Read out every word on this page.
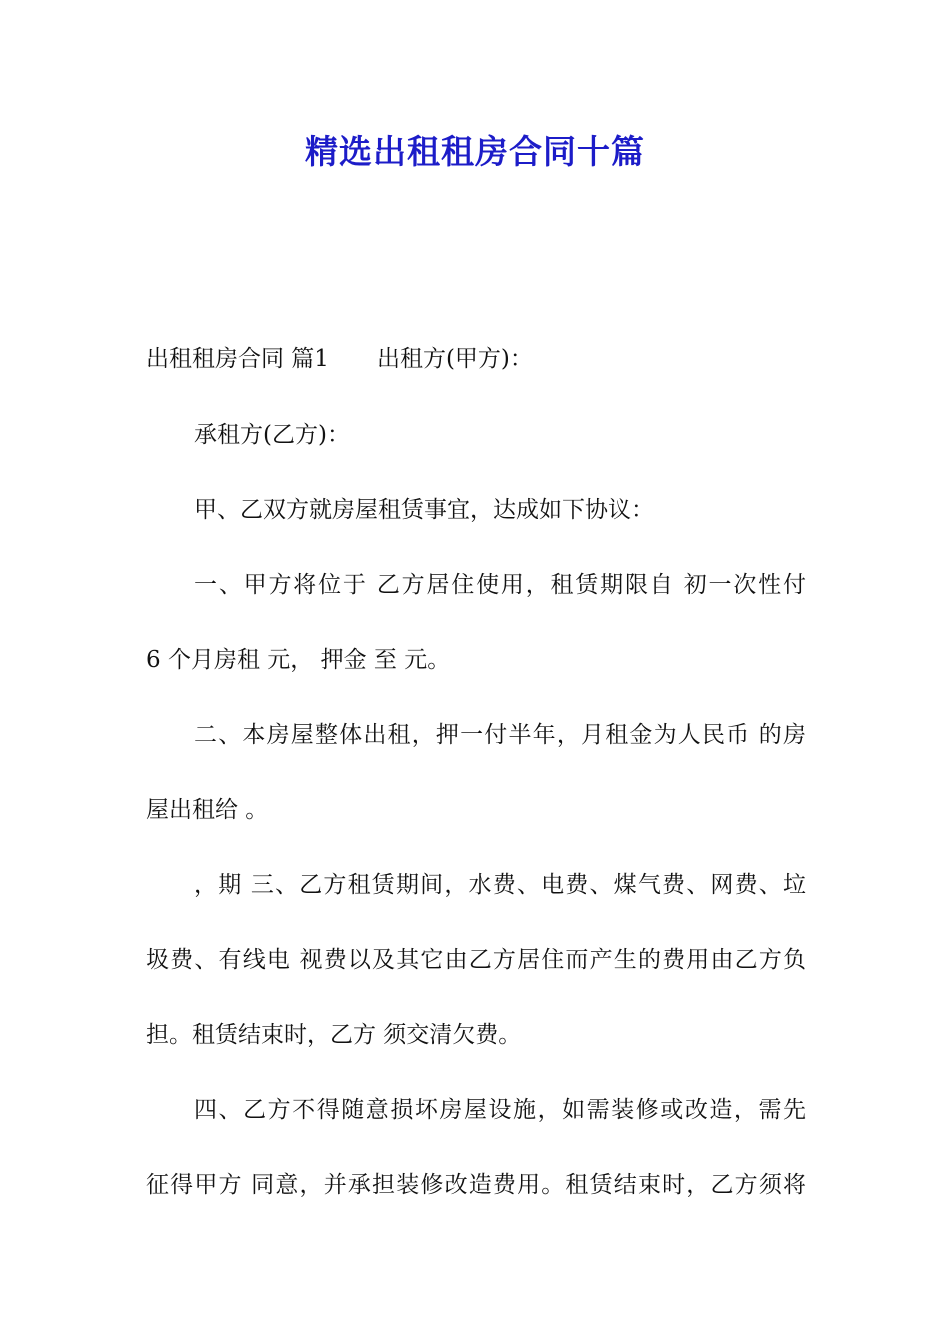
精选出租租房合同十篇
出租租房合同 篇1 出租方(甲方)：
承租方(乙方)：
甲、乙双方就房屋租赁事宜，达成如下协议：
一、甲方将位于 乙方居住使用，租赁期限自 初一次性付
6 个月房租 元， 押金 至 元。
二、本房屋整体出租，押一付半年，月租金为人民币 的房
屋出租给 。
，期 三、乙方租赁期间，水费、电费、煤气费、网费、垃
圾费、有线电 视费以及其它由乙方居住而产生的费用由乙方负
担。租赁结束时，乙方 须交清欠费。
四、乙方不得随意损坏房屋设施，如需装修或改造，需先
征得甲方 同意，并承担装修改造费用。租赁结束时，乙方须将
